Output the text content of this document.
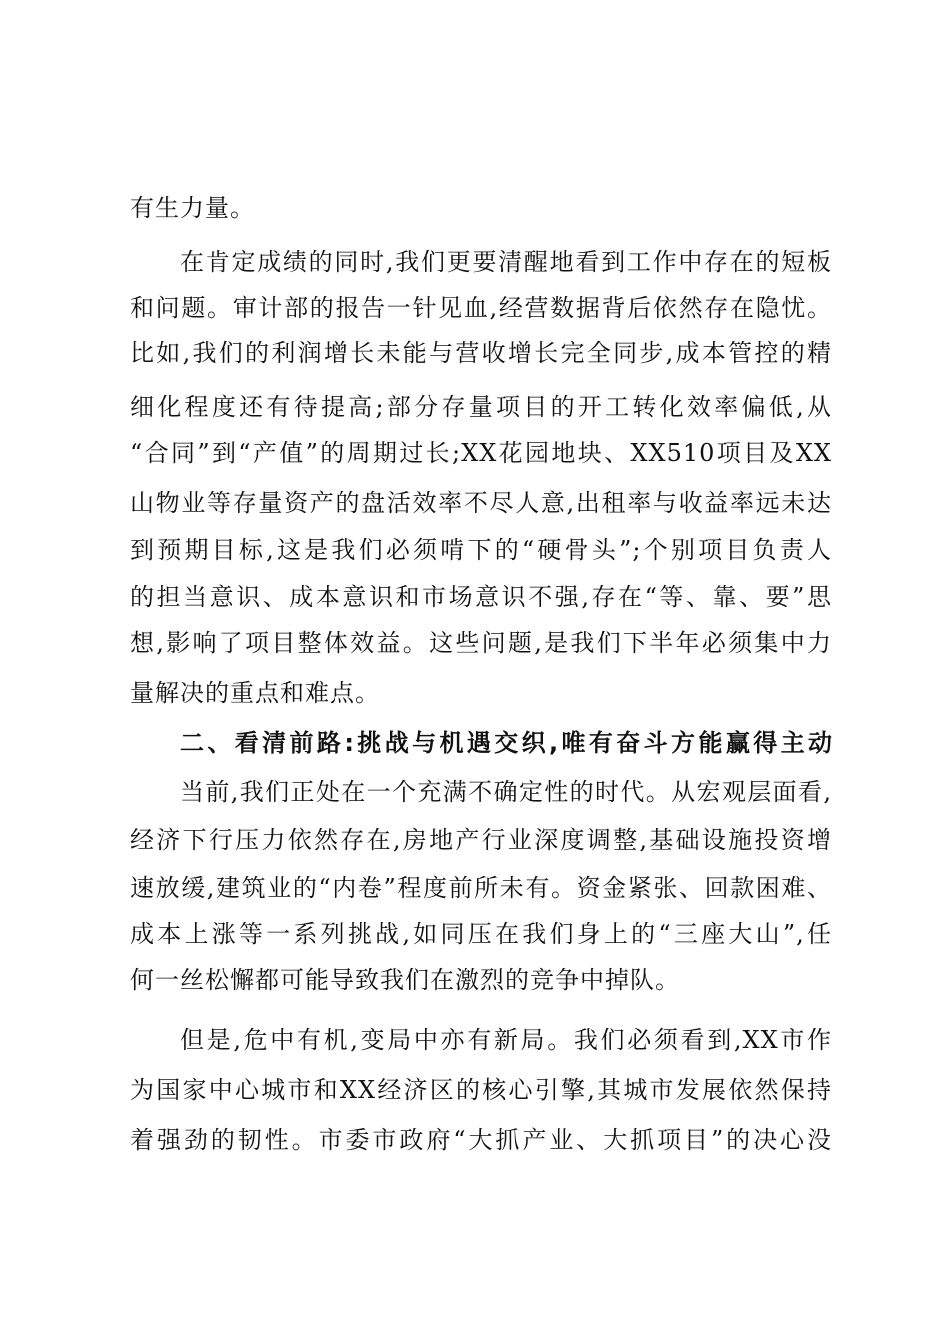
有生力量。
在肯定成绩的同时,我们更要清醒地看到工作中存在的短板
和问题。审计部的报告一针见血,经营数据背后依然存在隐忧。
比如,我们的利润增长未能与营收增长完全同步,成本管控的精
细化程度还有待提高;部分存量项目的开工转化效率偏低,从
“合同”到“产值”的周期过长;XX花园地块、XX510项目及XX
山物业等存量资产的盘活效率不尽人意,出租率与收益率远未达
到预期目标,这是我们必须啃下的“硬骨头”;个别项目负责人
的担当意识、成本意识和市场意识不强,存在“等、靠、要”思
想,影响了项目整体效益。这些问题,是我们下半年必须集中力
量解决的重点和难点。
二、看清前路:挑战与机遇交织,唯有奋斗方能赢得主动
当前,我们正处在一个充满不确定性的时代。从宏观层面看,
经济下行压力依然存在,房地产行业深度调整,基础设施投资增
速放缓,建筑业的“内卷”程度前所未有。资金紧张、回款困难、
成本上涨等一系列挑战,如同压在我们身上的“三座大山”,任
何一丝松懈都可能导致我们在激烈的竞争中掉队。
但是,危中有机,变局中亦有新局。我们必须看到,XX市作
为国家中心城市和XX经济区的核心引擎,其城市发展依然保持
着强劲的韧性。市委市政府“大抓产业、大抓项目”的决心没
